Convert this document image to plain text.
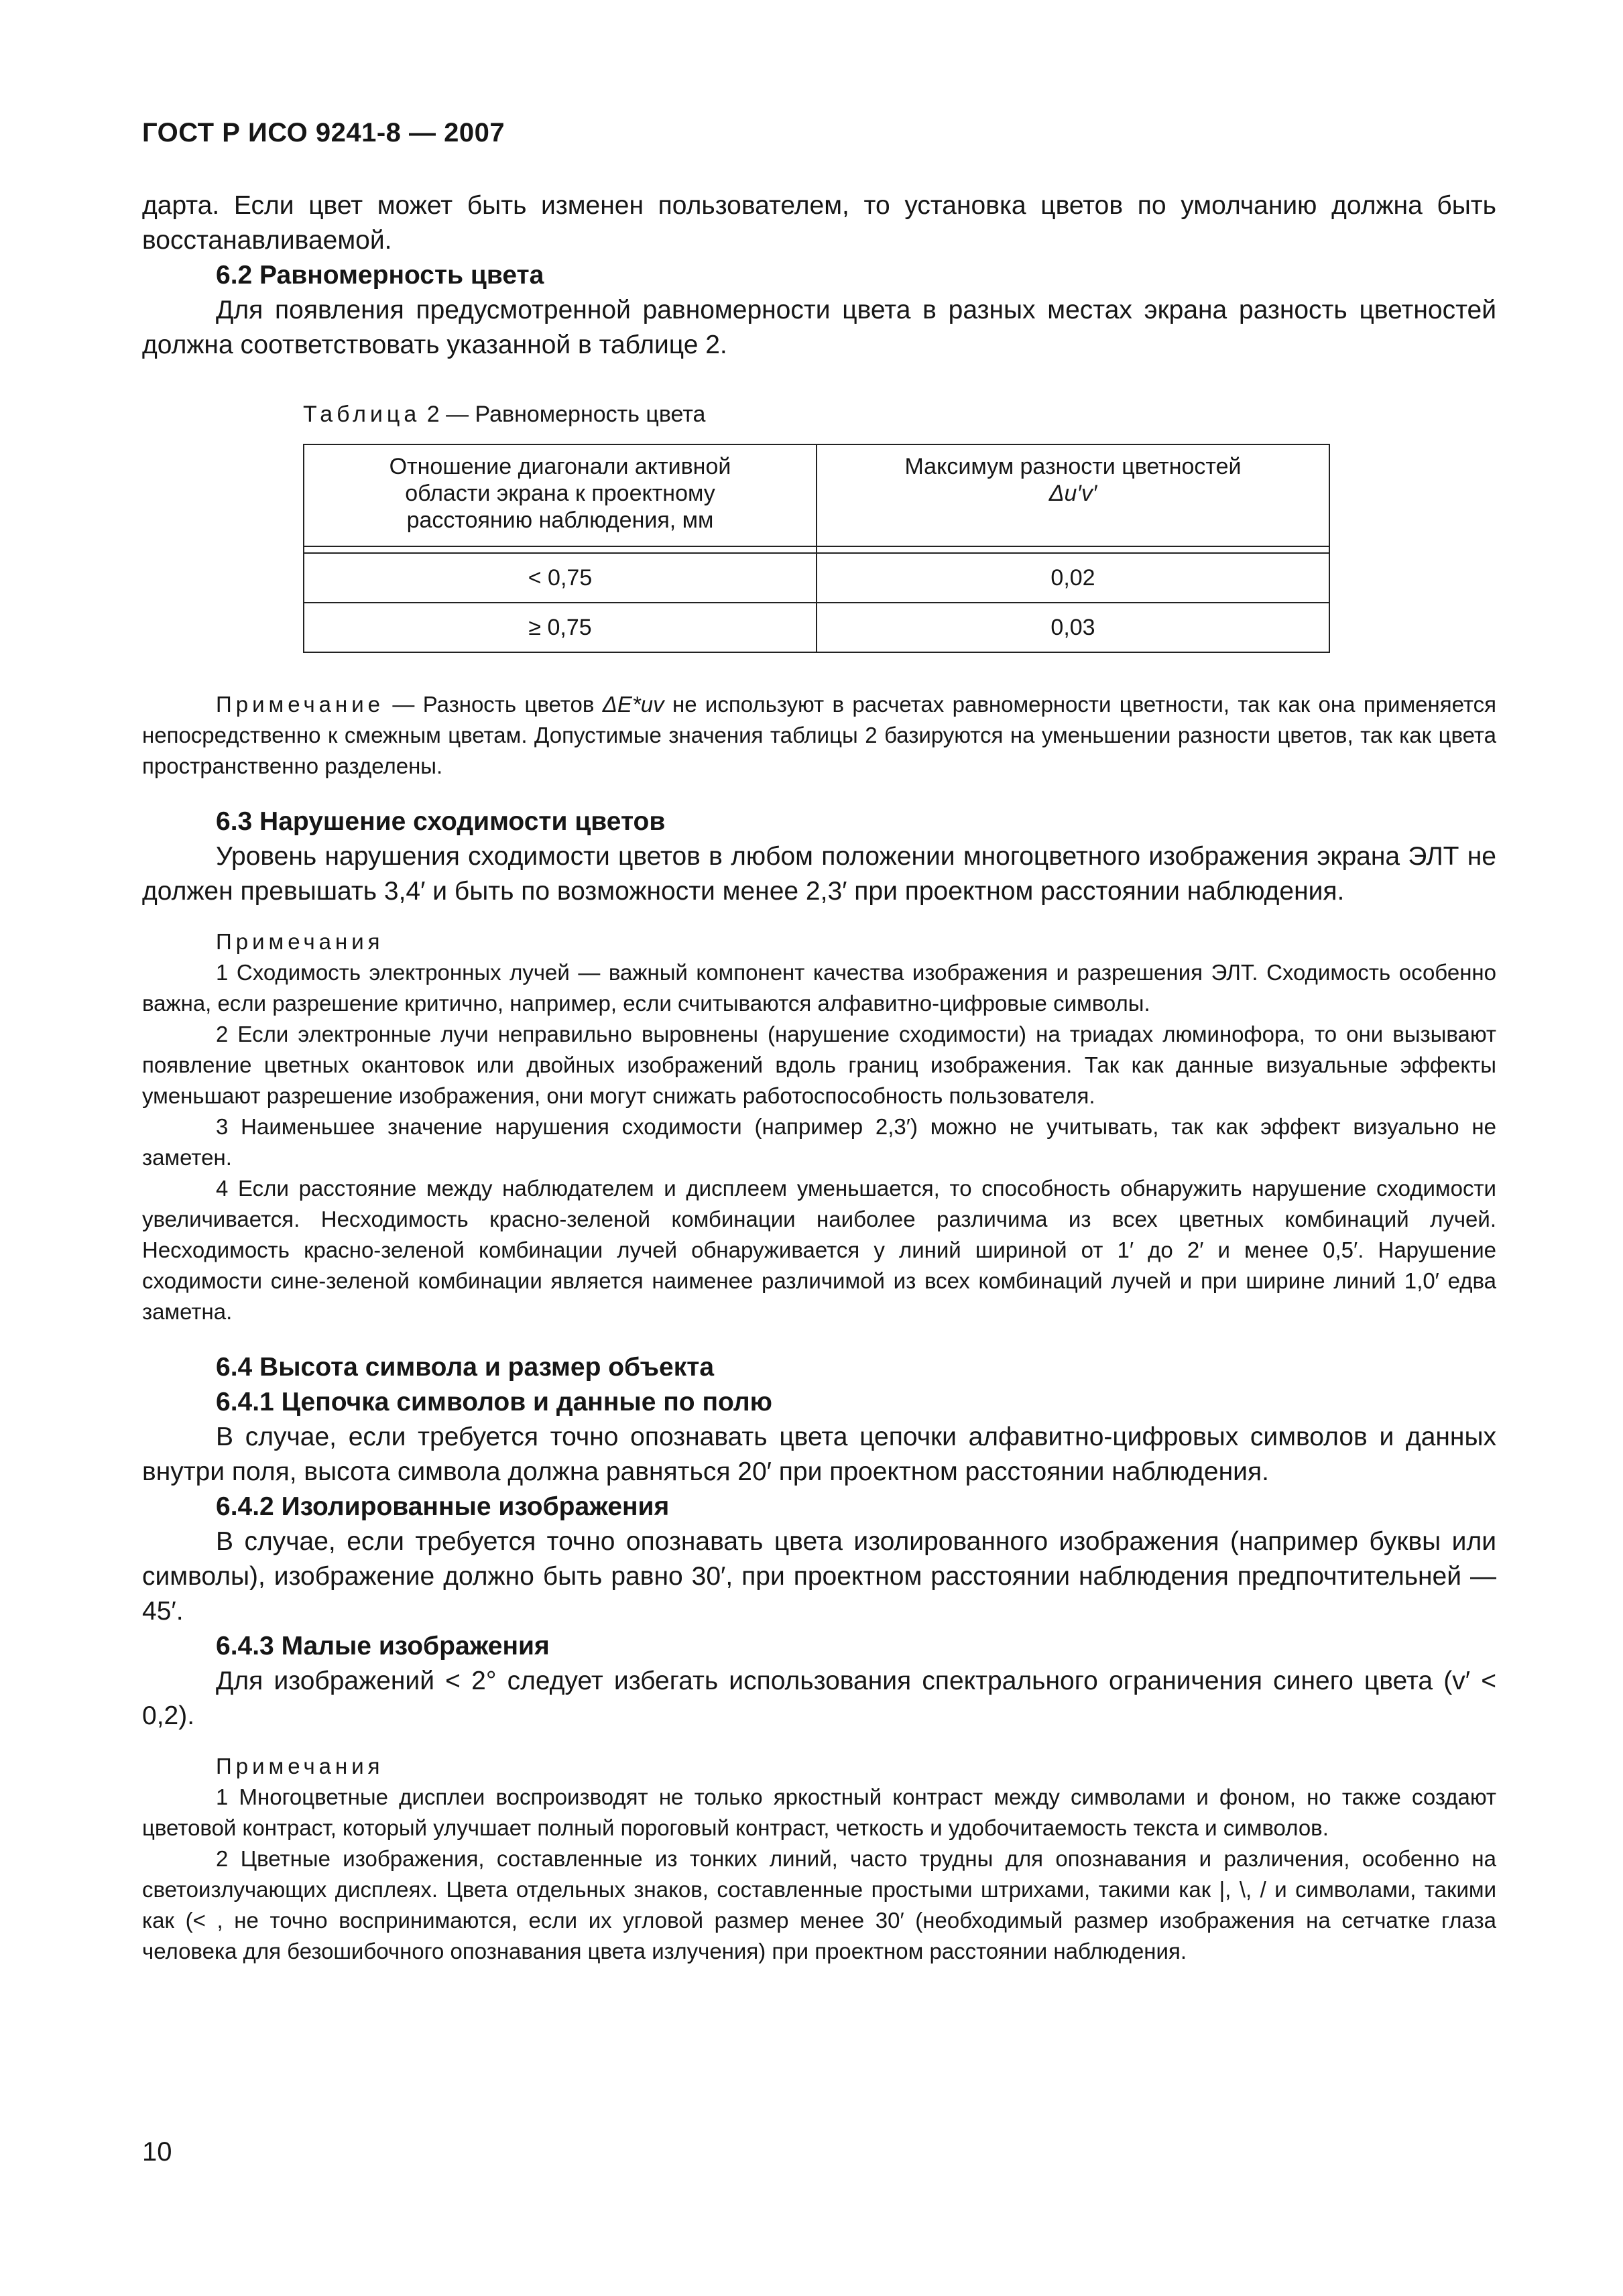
ГОСТ Р ИСО 9241-8 — 2007

дарта. Если цвет может быть изменен пользователем, то установка цветов по умолчанию должна быть восстанавливаемой.

6.2 Равномерность цвета

Для появления предусмотренной равномерности цвета в разных местах экрана разность цветностей должна соответствовать указанной в таблице 2.

Таблица 2 — Равномерность цвета
Отношение диагонали активной области экрана к проектному расстоянию наблюдения, мм	Максимум разности цветностей
Δu′v′

< 0,75	0,02
≥ 0,75	0,03

Примечание — Разность цветов ΔE*uv не используют в расчетах равномерности цветности, так как она применяется непосредственно к смежным цветам. Допустимые значения таблицы 2 базируются на уменьшении разности цветов, так как цвета пространственно разделены.

6.3 Нарушение сходимости цветов

Уровень нарушения сходимости цветов в любом положении многоцветного изображения экрана ЭЛТ не должен превышать 3,4′ и быть по возможности менее 2,3′ при проектном расстоянии наблюдения.

Примечания

1 Сходимость электронных лучей — важный компонент качества изображения и разрешения ЭЛТ. Сходимость особенно важна, если разрешение критично, например, если считываются алфавитно-цифровые символы.

2 Если электронные лучи неправильно выровнены (нарушение сходимости) на триадах люминофора, то они вызывают появление цветных окантовок или двойных изображений вдоль границ изображения. Так как данные визуальные эффекты уменьшают разрешение изображения, они могут снижать работоспособность пользователя.

3 Наименьшее значение нарушения сходимости (например 2,3′) можно не учитывать, так как эффект визуально не заметен.

4 Если расстояние между наблюдателем и дисплеем уменьшается, то способность обнаружить нарушение сходимости увеличивается. Несходимость красно-зеленой комбинации наиболее различима из всех цветных комбинаций лучей. Несходимость красно-зеленой комбинации лучей обнаруживается у линий шириной от 1′ до 2′ и менее 0,5′. Нарушение сходимости сине-зеленой комбинации является наименее различимой из всех комбинаций лучей и при ширине линий 1,0′ едва заметна.

6.4 Высота символа и размер объекта

6.4.1 Цепочка символов и данные по полю

В случае, если требуется точно опознавать цвета цепочки алфавитно-цифровых символов и данных внутри поля, высота символа должна равняться 20′ при проектном расстоянии наблюдения.

6.4.2 Изолированные изображения

В случае, если требуется точно опознавать цвета изолированного изображения (например буквы или символы), изображение должно быть равно 30′, при проектном расстоянии наблюдения предпочтительней — 45′.

6.4.3 Малые изображения

Для изображений < 2° следует избегать использования спектрального ограничения синего цвета (v′ < 0,2).

Примечания

1 Многоцветные дисплеи воспроизводят не только яркостный контраст между символами и фоном, но также создают цветовой контраст, который улучшает полный пороговый контраст, четкость и удобочитаемость текста и символов.

2 Цветные изображения, составленные из тонких линий, часто трудны для опознавания и различения, особенно на светоизлучающих дисплеях. Цвета отдельных знаков, составленные простыми штрихами, такими как |, \, / и символами, такими как (< , не точно воспринимаются, если их угловой размер менее 30′ (необходимый размер изображения на сетчатке глаза человека для безошибочного опознавания цвета излучения) при проектном расстоянии наблюдения.

10
